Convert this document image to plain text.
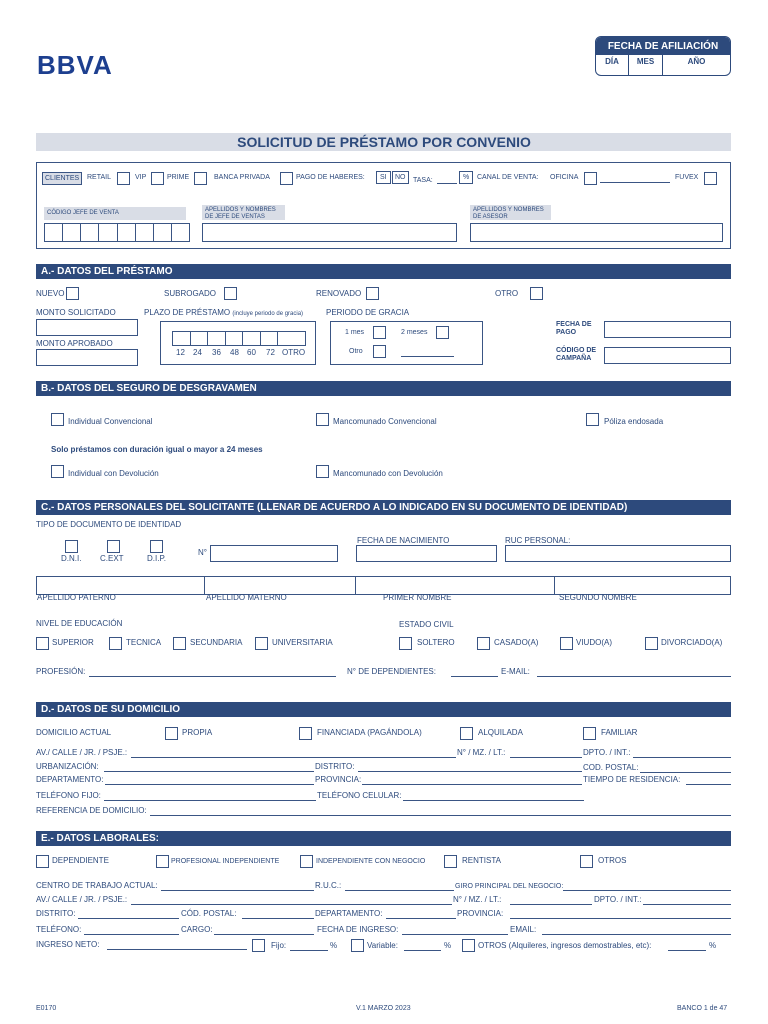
BBVA
FECHA DE AFILIACIÓN
DÍA	MES	AÑO
SOLICITUD DE PRÉSTAMO POR CONVENIO
CLIENTES	RETAIL	VIP	PRIME	BANCA PRIVADA	PAGO DE HABERES:	SI	NO	TASA:	%	CANAL DE VENTA: OFICINA	FUVEX
CÓDIGO JEFE DE VENTA	APELLIDOS Y NOMBRES
DE JEFE DE VENTAS
APELLIDOS Y NOMBRES
DE ASESOR
A.- DATOS DEL PRÉSTAMO
NUEVO	SUBROGADO	RENOVADO	OTRO
MONTO SOLICITADO	PLAZO DE PRÉSTAMO (incluye periodo de gracia)	PERIODO DE GRACIA
MONTO APROBADO
12 24 36 48 60 72 OTRO
1 mes	2 meses
Otro
FECHA DE
PAGO
CÓDIGO DE
CAMPAÑA
B.- DATOS DEL SEGURO DE DESGRAVAMEN
Individual Convencional	Mancomunado Convencional	Póliza endosada
Solo préstamos con duración igual o mayor a 24 meses
Individual con Devolución	Mancomunado con Devolución
C.- DATOS PERSONALES DEL SOLICITANTE (LLENAR DE ACUERDO A LO INDICADO EN SU DOCUMENTO DE IDENTIDAD)
TIPO DE DOCUMENTO DE IDENTIDAD
D.N.I. C.EXT	D.I.P.
N°
FECHA DE NACIMIENTO	RUC PERSONAL:
APELLIDO PATERNO	APELLIDO MATERNO	PRIMER NOMBRE	SEGUNDO NOMBRE
NIVEL DE EDUCACIÓN	ESTADO CIVIL
SUPERIOR	TECNICA	SECUNDARIA	UNIVERSITARIA	SOLTERO	CASADO(A)	VIUDO(A)	DIVORCIADO(A)
PROFESIÓN:	N° DE DEPENDIENTES:	E-MAIL:
D.- DATOS DE SU DOMICILIO
DOMICILIO ACTUAL	PROPIA	FINANCIADA (PAGÁNDOLA)	ALQUILADA	FAMILIAR
AV./ CALLE / JR. / PSJE.:	N° / MZ. / LT.:	DPTO. / INT.:
URBANIZACIÓN:	DISTRITO:	COD. POSTAL:
DEPARTAMENTO:	PROVINCIA:	TIEMPO DE RESIDENCIA:
TELÉFONO FIJO:	TELÉFONO CELULAR:
REFERENCIA DE DOMICILIO:
E.- DATOS LABORALES:
DEPENDIENTE	PROFESIONAL INDEPENDIENTE	INDEPENDIENTE CON NEGOCIO	RENTISTA	OTROS
CENTRO DE TRABAJO ACTUAL:	R.U.C.:	GIRO PRINCIPAL DEL NEGOCIO:
AV./ CALLE / JR. / PSJE.:	N° / MZ. / LT.:	DPTO. / INT.:
DISTRITO:	CÓD. POSTAL:	DEPARTAMENTO:	PROVINCIA:
TELÉFONO:	CARGO:	FECHA DE INGRESO:	EMAIL:
INGRESO NETO:	Fijo:	%	Variable:	%	OTROS (Alquileres, ingresos demostrables, etc):	%
E0170	V.1 MARZO 2023	BANCO 1 de 47
